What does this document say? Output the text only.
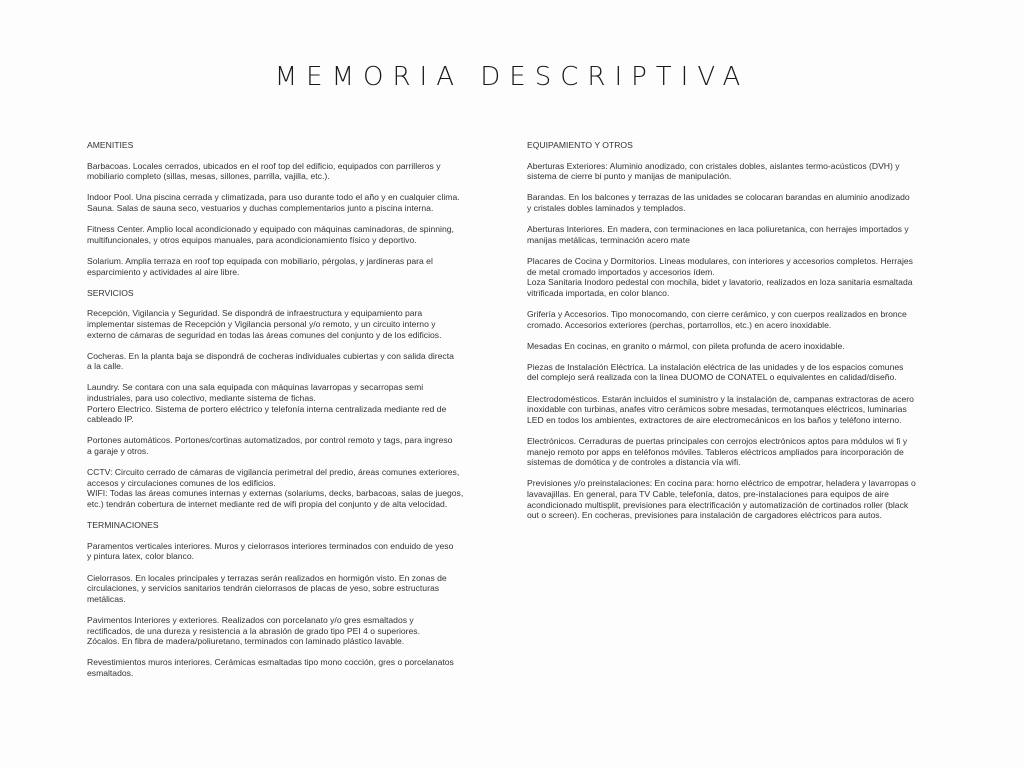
MEMORIA DESCRIPTIVA
AMENITIES
Barbacoas. Locales cerrados, ubicados en el roof top del edificio, equipados con parrilleros y
mobiliario completo (sillas, mesas, sillones, parrilla, vajilla, etc.).
Indoor Pool. Una piscina cerrada y climatizada, para uso durante todo el año y en cualquier clima.
Sauna. Salas de sauna seco, vestuarios y duchas complementarios junto a piscina interna.
Fitness Center. Amplio local acondicionado y equipado con máquinas caminadoras, de spinning,
multifuncionales, y otros equipos manuales, para acondicionamiento físico y deportivo.
Solarium. Amplia terraza en roof top equipada con mobiliario, pérgolas, y jardineras para el
esparcimiento y actividades al aire libre.
SERVICIOS
Recepción, Vigilancia y Seguridad. Se dispondrá de infraestructura y equipamiento para
implementar sistemas de Recepción y Vigilancia personal y/o remoto, y un circuito interno y
externo de cámaras de seguridad en todas las áreas comunes del conjunto y de los edificios.
Cocheras. En la planta baja se dispondrá de cocheras individuales cubiertas y con salida directa
a la calle.
Laundry. Se contara con una sala equipada con máquinas lavarropas y secarropas semi
industriales, para uso colectivo, mediante sistema de fichas.
Portero Electrico. Sistema de portero eléctrico y telefonía interna centralizada mediante red de
cableado IP.
Portones automáticos. Portones/cortinas automatizados, por control remoto y tags, para ingreso
a garaje y otros.
CCTV: Circuito cerrado de cámaras de vigilancia perimetral del predio, áreas comunes exteriores,
accesos y circulaciones comunes de los edificios.
WIFI: Todas las áreas comunes internas y externas (solariums, decks, barbacoas, salas de juegos,
etc.) tendrán cobertura de internet mediante red de wifi propia del conjunto y de alta velocidad.
TERMINACIONES
Paramentos verticales interiores. Muros y cielorrasos interiores terminados con enduido de yeso
y pintura latex, color blanco.
Cielorrasos. En locales principales y terrazas serán realizados en hormigón visto. En zonas de
circulaciones, y servicios sanitarios tendrán cielorrasos de placas de yeso, sobre estructuras
metálicas.
Pavimentos Interiores y exteriores. Realizados con porcelanato y/o gres esmaltados y
rectificados, de una dureza y resistencia a la abrasión de grado tipo PEI 4 o superiores.
Zócalos. En fibra de madera/poliuretano, terminados con laminado plástico lavable.
Revestimientos muros interiores. Cerámicas esmaltadas tipo mono cocción, gres o porcelanatos
esmaltados.
EQUIPAMIENTO Y OTROS
Aberturas Exteriores: Aluminio anodizado, con cristales dobles, aislantes termo-acústicos (DVH) y
sistema de cierre bi punto y manijas de manipulación.
Barandas. En los balcones y terrazas de las unidades se colocaran barandas en aluminio anodizado
y cristales dobles laminados y templados.
Aberturas Interiores. En madera, con terminaciones en laca poliuretanica, con herrajes importados y
manijas metálicas, terminación acero mate
Placares de Cocina y Dormitorios. Líneas modulares, con interiores y accesorios completos. Herrajes
de metal cromado importados y accesorios ídem.
Loza Sanitaria Inodoro pedestal con mochila, bidet y lavatorio, realizados en loza sanitaria esmaltada
vitrificada importada, en color blanco.
Grifería y Accesorios. Tipo monocomando, con cierre cerámico, y con cuerpos realizados en bronce
cromado. Accesorios exteriores (perchas, portarrollos, etc.) en acero inoxidable.
Mesadas En cocinas, en granito o mármol, con pileta profunda de acero inoxidable.
Piezas de Instalación Eléctrica. La instalación eléctrica de las unidades y de los espacios comunes
del complejo será realizada con la línea DUOMO de CONATEL o equivalentes en calidad/diseño.
Electrodomésticos. Estarán incluidos el suministro y la instalación de, campanas extractoras de acero
inoxidable con turbinas, anafes vitro cerámicos sobre mesadas, termotanques eléctricos, luminarias
LED en todos los ambientes, extractores de aire electromecánicos en los baños y teléfono interno.
Electrónicos. Cerraduras de puertas principales con cerrojos electrónicos aptos para módulos wi fi y
manejo remoto por apps en teléfonos móviles. Tableros eléctricos ampliados para incorporación de
sistemas de domótica y de controles a distancia vía wifi.
Previsiones y/o preinstalaciones: En cocina para: horno eléctrico de empotrar, heladera y lavarropas o
lavavajillas. En general, para TV Cable, telefonía, datos, pre-instalaciones para equipos de aire
acondicionado multisplit, previsiones para electrificación y automatización de cortinados roller (black
out o screen). En cocheras, previsiones para instalación de cargadores eléctricos para autos.
